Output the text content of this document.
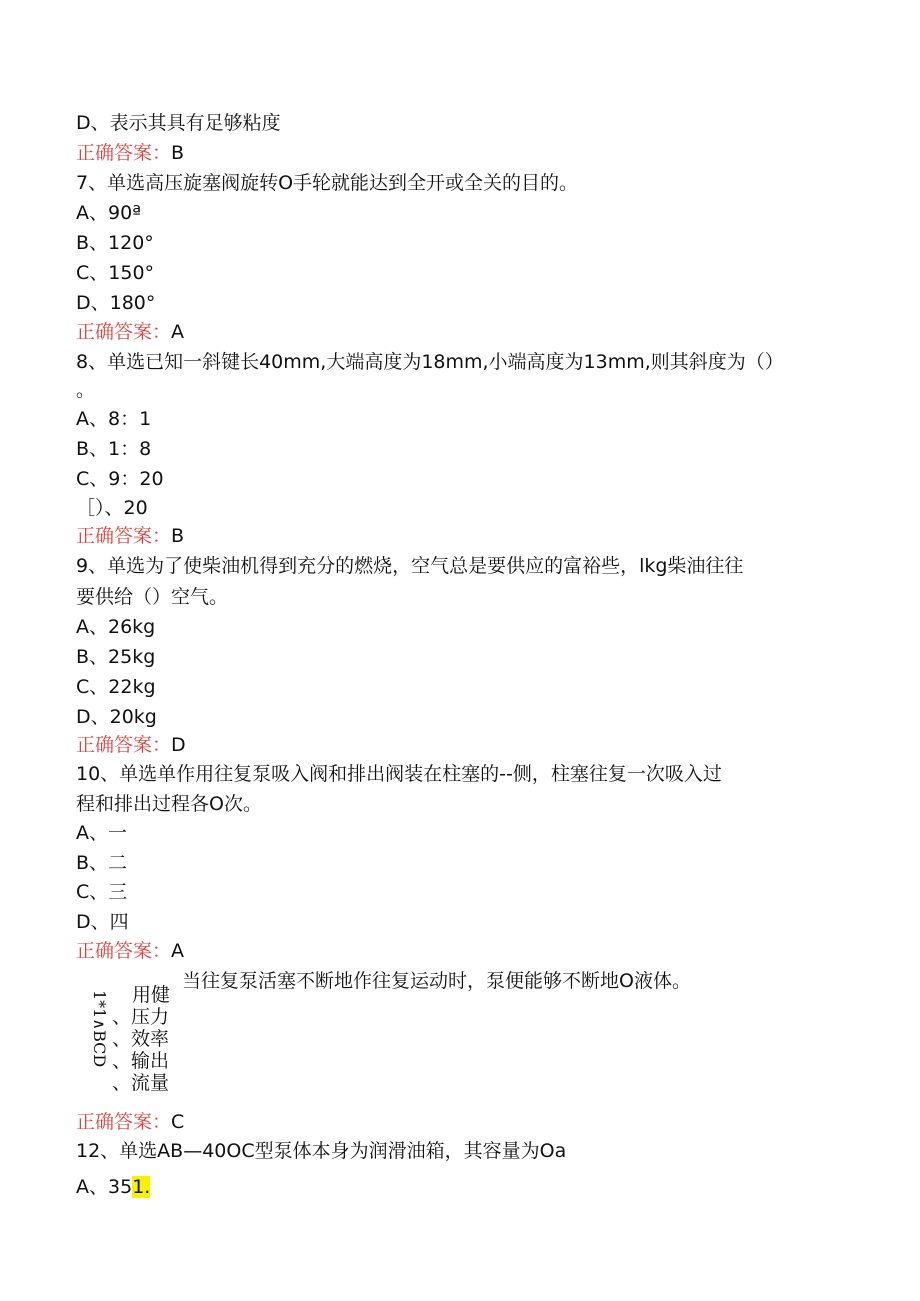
D、表示其具有足够粘度
正确答案：B
7、单选高压旋塞阀旋转O手轮就能达到全开或全关的目的。
A、90ª
B、120°
C、150°
D、180°
正确答案：A
8、单选已知一斜键长40mm,大端高度为18mm,小端高度为13mm,则其斜度为（）
。
A、8：1
B、1：8
C、9：20
［）、20
正确答案：B
9、单选为了使柴油机得到充分的燃烧，空气总是要供应的富裕些，lkg柴油往往
要供给（）空气。
A、26kg
B、25kg
C、22kg
D、20kg
正确答案：D
10、单选单作用往复泵吸入阀和排出阀装在柱塞的--侧，柱塞往复一次吸入过
程和排出过程各O次。
A、一
B、二
C、三
D、四
正确答案：A
当往复泵活塞不断地作往复运动时，泵便能够不断地O液体。
1*1∧BCD	用健
、压力
、效率
、输出
、流量
正确答案：C
12、单选AB—40OC型泵体本身为润滑油箱，其容量为Oa
A、351.
